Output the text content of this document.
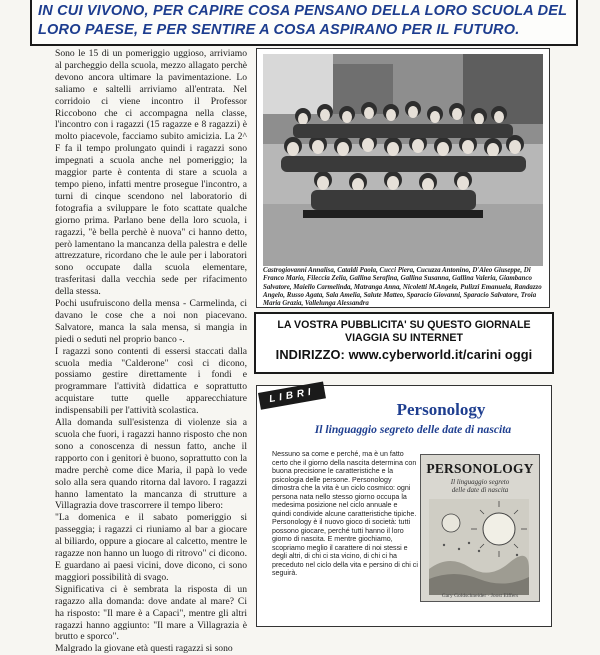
IN CUI VIVONO, PER CAPIRE COSA PENSANO DELLA LORO SCUOLA DEL
LORO PAESE, E PER SENTIRE A COSA ASPIRANO PER IL FUTURO.

Sono le 15 di un pomeriggio uggioso, arriviamo al parcheggio della scuola, mezzo allagato perchè devono ancora ultimare la pavimentazione. Lo saliamo e saltelli arriviamo all'entrata. Nel corridoio ci viene incontro il Professor Riccobono che ci accompagna nella classe, l'incontro con i ragazzi (15 ragazze e 8 ragazzi) è molto piacevole, facciamo subito amicizia. La 2^ F fa il tempo prolungato quindi i ragazzi sono impegnati a scuola anche nel pomeriggio; la maggior parte è contenta di stare a scuola a tempo pieno, infatti mentre prosegue l'incontro, a turni di cinque scendono nel laboratorio di fotografia a sviluppare le foto scattate qualche giorno prima. Parlano bene della loro scuola, i ragazzi, "è bella perchè è nuova" ci hanno detto, però lamentano la mancanza della palestra e delle attrezzature, ricordano che le aule per i laboratori sono occupate dalla scuola elementare, trasferitasi dalla vecchia sede per rifacimento della stessa.

Pochi usufruiscono della mensa - Carmelinda, ci davano le cose che a noi non piacevano. Salvatore, manca la sala mensa, si mangia in piedi o seduti nel proprio banco -.

I ragazzi sono contenti di essersi staccati dalla scuola media "Calderone" così ci dicono, possiamo gestire direttamente i fondi e programmare l'attività didattica e soprattutto acquistare tutte quelle apparecchiature indispensabili per l'attività scolastica.

Alla domanda sull'esistenza di violenze sia a scuola che fuori, i ragazzi hanno risposto che non sono a conoscenza di nessun fatto, anche il rapporto con i genitori è buono, soprattutto con la madre perchè come dice Maria, il papà lo vede solo alla sera quando ritorna dal lavoro. I ragazzi hanno lamentato la mancanza di strutture a Villagrazia dove trascorrere il tempo libero:

"La domenica e il sabato pomeriggio si passeggia; i ragazzi ci riuniamo al bar a giocare al biliardo, oppure a giocare al calcetto, mentre le ragazze non hanno un luogo di ritrovo" ci dicono. E guardano ai paesi vicini, dove dicono, ci sono maggiori possibilità di svago.

Significativa ci è sembrata la risposta di un ragazzo alla domanda: dove andate al mare? Ci ha risposto: "Il mare è a Capaci", mentre gli altri ragazzi hanno aggiunto: "Il mare a Villagrazia è brutto e sporco".

Malgrado la giovane età questi ragazzi si sono

Castrogiovanni Annalisa, Cataldi Paola, Cucci Piera, Cucuzza Antonino, D'Aleo Giuseppe, Di Franco Mario, Fileccia Zelia, Gallina Serafina, Gallina Susanna, Gallina Valeria, Giambanco Salvatore, Maiello Carmelinda, Matranga Anna, Nicoletti M.Angela, Pulizzi Emanuela, Randazzo Angelo, Russo Agata, Sala Amelia, Salute Matteo, Sparacio Giovanni, Sparacio Salvatore, Troia Maria Grazia, Vallelunga Alessandra
LA VOSTRA PUBBLICITA' SU QUESTO GIORNALE
VIAGGIA SU INTERNET
INDIRIZZO: www.cyberworld.it/carini oggi
LIBRI
Personology
Il linguaggio segreto delle date di nascita
Nessuno sa come e perché, ma è un fatto certo che il giorno della nascita determina con buona precisione le caratteristiche e la psicologia delle persone. Personology dimostra che la vita è un ciclo cosmico: ogni persona nata nello stesso giorno occupa la medesima posizione nel ciclo annuale e quindi condivide alcune caratteristiche tipiche. Personology è il nuovo gioco di società: tutti possono giocare, perché tutti hanno il loro giorno di nascita. E mentre giochiamo, scopriamo meglio il carattere di noi stessi e degli altri, di chi ci sta vicino, di chi ci ha preceduto nel ciclo della vita e persino di chi ci seguirà.
PERSONOLOGY
Il linguaggio segreto
delle date di nascita
Gary Goldschneider · Joost Elffers
